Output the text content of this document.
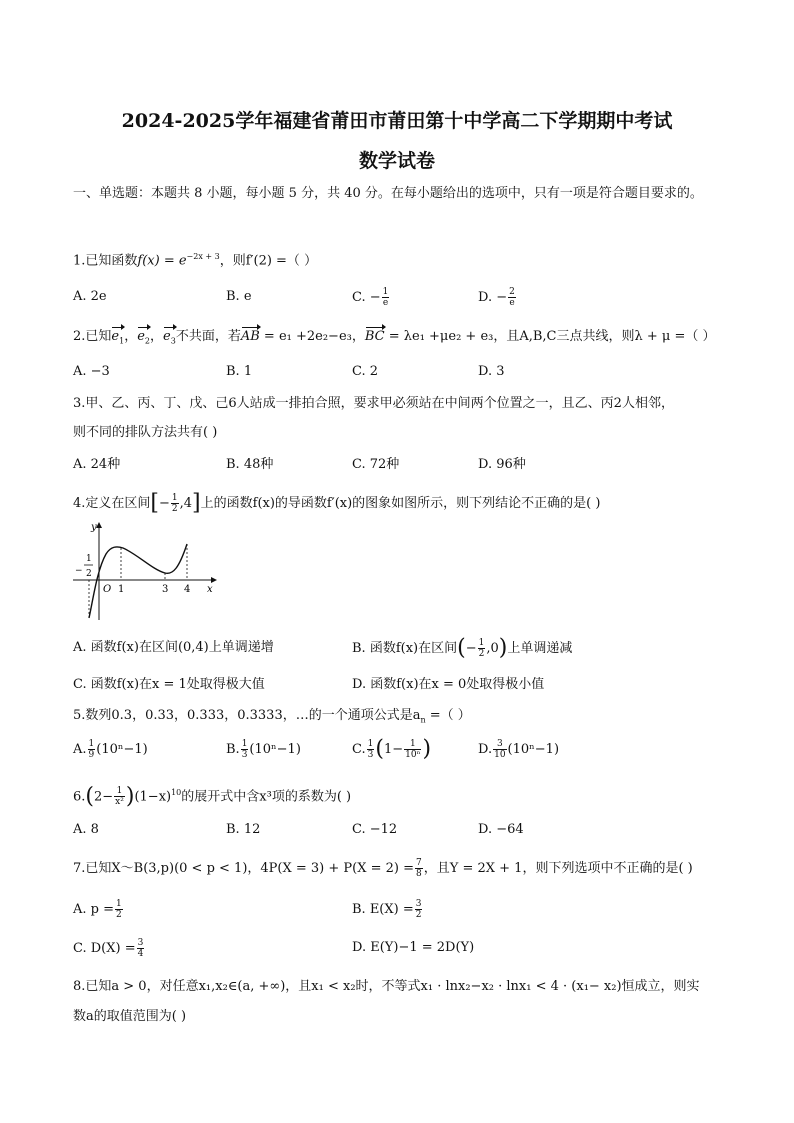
2024-2025学年福建省莆田市莆田第十中学高二下学期期中考试
数学试卷
一、单选题：本题共 8 小题，每小题 5 分，共 40 分。在每小题给出的选项中，只有一项是符合题目要求的。
1.已知函数$f(x) = e^{-2x + 3}$，则f′(2) =（ ）
A. 2e	B. e	C. − $\frac{1}{e}$	D. − $\frac{2}{e}$
2.已知$e_1$，$e_2$，$e_3$不共面，若AB = e₁ +2e₂−e₃，BC = λe₁ +μe₂ + e₃，且A,B,C三点共线，则λ + μ =（ ）
A. −3	B. 1	C. 2	D. 3
3.甲、乙、丙、丁、戊、己6人站成一排拍合照，要求甲必须站在中间两个位置之一，且乙、丙2人相邻，
则不同的排队方法共有( )
A. 24种	B. 48种	C. 72种	D. 96种
4.定义在区间[− $\frac{1}{2} ,4$]上的函数f(x)的导函数f′(x)的图象如图所示，则下列结论不正确的是( )
y
x
O 1	3 4
−
1
2
A. 函数f(x)在区间(0,4)上单调递增	B. 函数f(x)在区间(− $\frac{1}{2} ,0$)上单调递减
C. 函数f(x)在x = 1处取得极大值	D. 函数f(x)在x = 0处取得极小值
5.数列0.3，0.33，0.333，0.3333，…的一个通项公式是$a_n$ =（ ）
A. $\frac{1}{9} (10^n-1)$	B. $\frac{1}{3} (10^n-1)$	C. $\frac{1}{3} (1- \frac{1}{\text{10ⁿ}}$ )	D. $\frac{3}{10} (10^n-1)$
$6.(2- \frac{1}{\text{x²}} )(1-x)^{10}$的展开式中含x³项的系数为( )
A. 8	B. 12	C. −12	D. −64
7.已知X～B(3,p)(0 < p < 1)，$4P(X = 3) + P(X = 2) = \frac{7}{8}$ ，且Y = 2X + 1，则下列选项中不正确的是( )
A. $p = \frac{1}{2}$	B. $E(X) = \frac{3}{2}$
C. $D(X) = \frac{3}{4}$	D. E(Y)−1 = 2D(Y)
8.已知a > 0，对任意x₁,x₂∈(a, +∞)，且x₁ < x₂时，不等式x₁ · lnx₂−x₂ · lnx₁ < 4 · (x₁− x₂)恒成立，则实
数a的取值范围为( )
